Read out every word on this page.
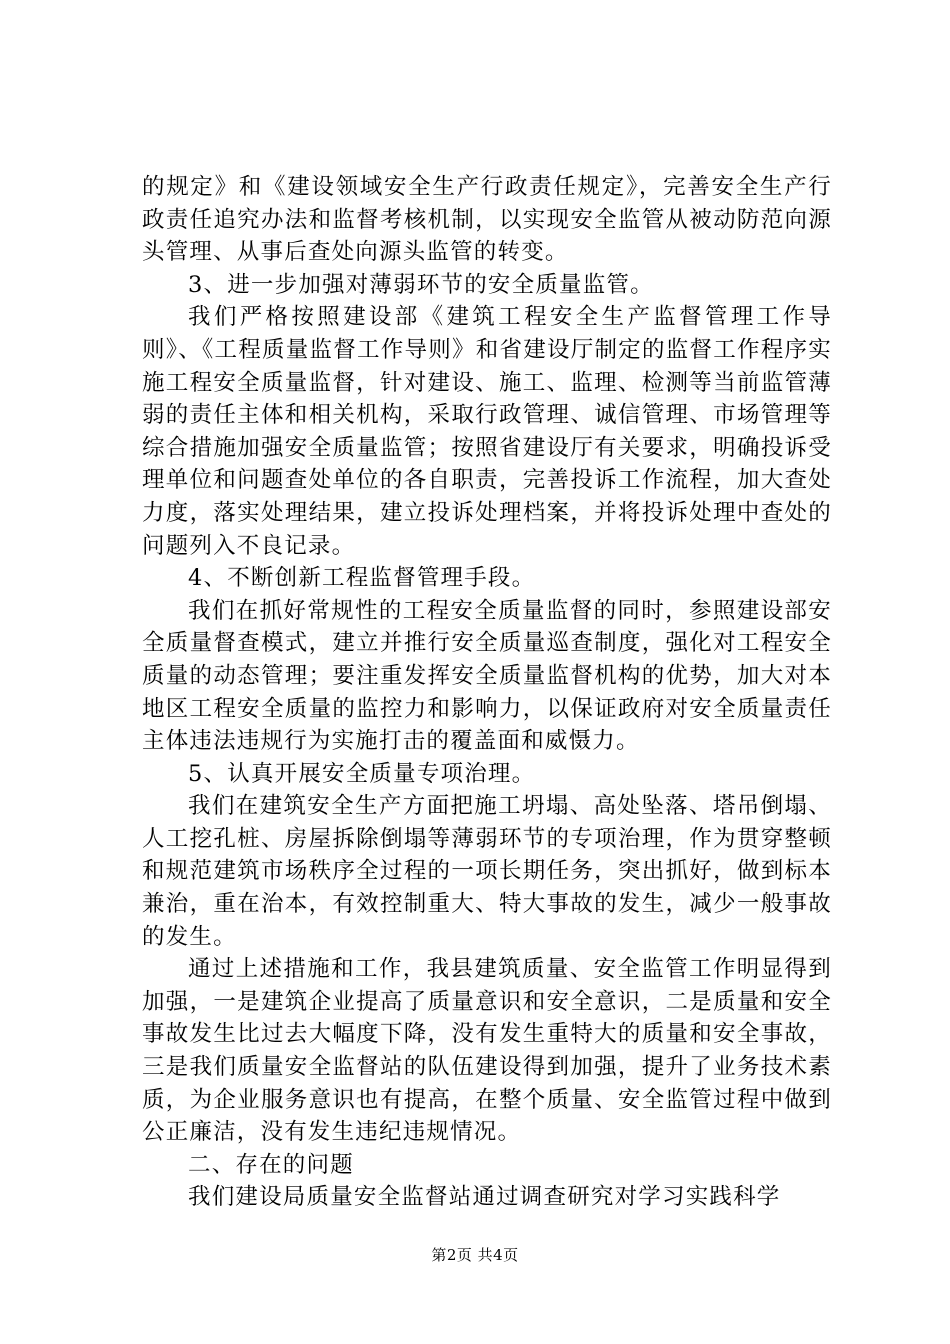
的规定》和《建设领域安全生产行政责任规定》，完善安全生产行政责任追究办法和监督考核机制，以实现安全监管从被动防范向源头管理、从事后查处向源头监管的转变。

3、进一步加强对薄弱环节的安全质量监管。

我们严格按照建设部《建筑工程安全生产监督管理工作导则》、《工程质量监督工作导则》和省建设厅制定的监督工作程序实施工程安全质量监督，针对建设、施工、监理、检测等当前监管薄弱的责任主体和相关机构，采取行政管理、诚信管理、市场管理等综合措施加强安全质量监管；按照省建设厅有关要求，明确投诉受理单位和问题查处单位的各自职责，完善投诉工作流程，加大查处力度，落实处理结果，建立投诉处理档案，并将投诉处理中查处的问题列入不良记录。

4、不断创新工程监督管理手段。

我们在抓好常规性的工程安全质量监督的同时，参照建设部安全质量督查模式，建立并推行安全质量巡查制度，强化对工程安全质量的动态管理；要注重发挥安全质量监督机构的优势，加大对本地区工程安全质量的监控力和影响力，以保证政府对安全质量责任主体违法违规行为实施打击的覆盖面和威慑力。

5、认真开展安全质量专项治理。

我们在建筑安全生产方面把施工坍塌、高处坠落、塔吊倒塌、人工挖孔桩、房屋拆除倒塌等薄弱环节的专项治理，作为贯穿整顿和规范建筑市场秩序全过程的一项长期任务，突出抓好，做到标本兼治，重在治本，有效控制重大、特大事故的发生，减少一般事故的发生。

通过上述措施和工作，我县建筑质量、安全监管工作明显得到加强，一是建筑企业提高了质量意识和安全意识，二是质量和安全事故发生比过去大幅度下降，没有发生重特大的质量和安全事故，三是我们质量安全监督站的队伍建设得到加强，提升了业务技术素质，为企业服务意识也有提高，在整个质量、安全监管过程中做到公正廉洁，没有发生违纪违规情况。

二、存在的问题

我们建设局质量安全监督站通过调查研究对学习实践科学

第2页 共4页
